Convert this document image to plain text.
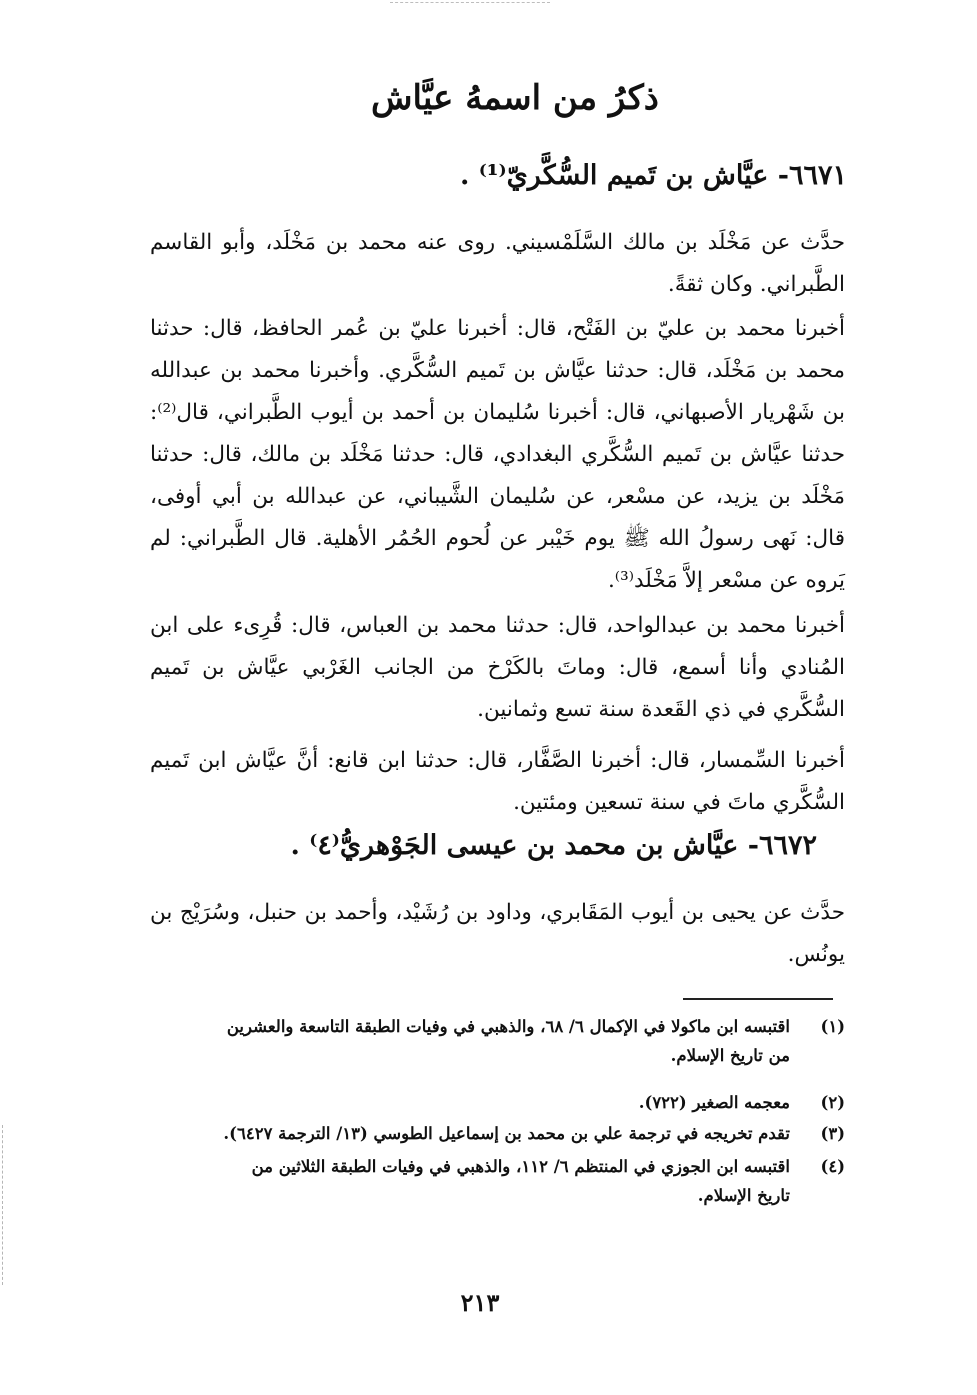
ذكرُ من اسمهُ عيَّاش
٦٦٧١- عيَّاش بن تَميم السُّكَّريّ⁽¹⁾ .
حدَّث عن مَخْلَد بن مالك السَّلَمْسيني. روى عنه محمد بن مَخْلَد، وأبو القاسم الطَّبراني. وكان ثقةً.
أخبرنا محمد بن عليّ بن الفَتْح، قال: أخبرنا عليّ بن عُمر الحافظ، قال: حدثنا محمد بن مَخْلَد، قال: حدثنا عيَّاش بن تَميم السُّكَّري. وأخبرنا محمد بن عبدالله بن شَهْريار الأصبهاني، قال: أخبرنا سُليمان بن أحمد بن أيوب الطَّبراني، قال⁽²⁾: حدثنا عيَّاش بن تَميم السُّكَّري البغدادي، قال: حدثنا مَخْلَد بن مالك، قال: حدثنا مَخْلَد بن يزيد، عن مسْعر، عن سُليمان الشَّيباني، عن عبدالله بن أبي أوفى، قال: نَهى رسولُ الله ﷺ يوم خَيْبر عن لُحوم الحُمُر الأهلية. قال الطَّبراني: لم يَروه عن مسْعر إلاَّ مَخْلَد⁽³⁾.
أخبرنا محمد بن عبدالواحد، قال: حدثنا محمد بن العباس، قال: قُرِىء على ابن المُنادي وأنا أسمع، قال: وماتَ بالكَرْخ من الجانب الغَرْبي عيَّاش بن تَميم السُّكَّري في ذي القَعدة سنة تسع وثمانين.
أخبرنا السِّمسار، قال: أخبرنا الصَّفَّار، قال: حدثنا ابن قانع: أنَّ عيَّاش ابن تَميم السُّكَّري ماتَ في سنة تسعين ومئتين.
٦٦٧٢- عيَّاش بن محمد بن عيسى الجَوْهريُّ⁽٤⁾ .
حدَّث عن يحيى بن أيوب المَقَابري، وداود بن رُشَيْد، وأحمد بن حنبل، وسُرَيْج بن يونُس.
(١)اقتبسه ابن ماكولا في الإكمال ٦/ ٦٨، والذهبي في وفيات الطبقة التاسعة والعشرين
من تاريخ الإسلام.
(٢)معجمه الصغير (٧٢٢).
(٣)تقدم تخريجه في ترجمة علي بن محمد بن إسماعيل الطوسي (١٣/ الترجمة ٦٤٢٧).
(٤)اقتبسه ابن الجوزي في المنتظم ٦/ ١١٢، والذهبي في وفيات الطبقة الثلاثين من
تاريخ الإسلام.
٢١٣
